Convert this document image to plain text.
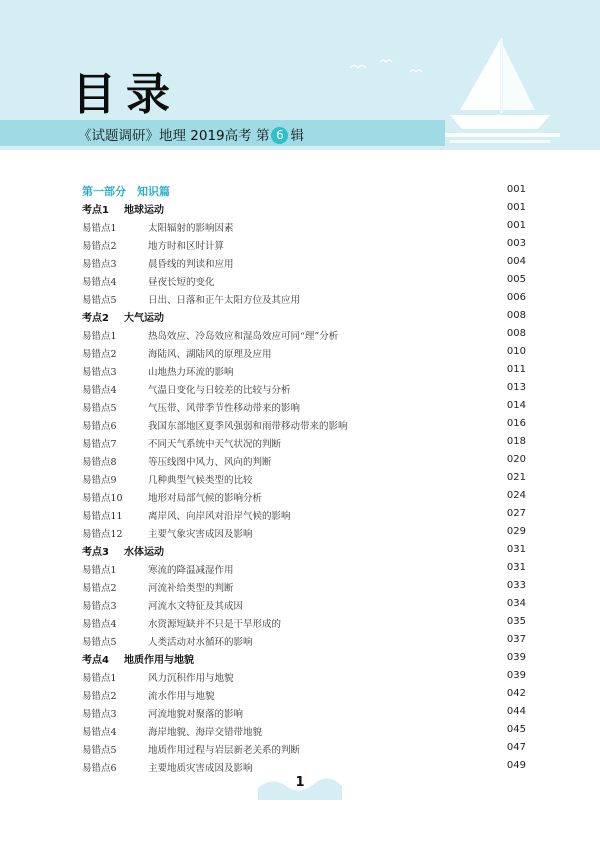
目录
《试题调研》地理 2019高考 第 6 辑
第一部分　知识篇	001
考点1 地球运动	001
易错点1	太阳辐射的影响因素	001
易错点2	地方时和区时计算	003
易错点3	晨昏线的判读和应用	004
易错点4	昼夜长短的变化	005
易错点5	日出、日落和正午太阳方位及其应用	006
考点2 大气运动	008
易错点1	热岛效应、冷岛效应和湿岛效应可同“理”分析	008
易错点2	海陆风、湖陆风的原理及应用	010
易错点3	山地热力环流的影响	011
易错点4	气温日变化与日较差的比较与分析	013
易错点5	气压带、风带季节性移动带来的影响	014
易错点6	我国东部地区夏季风强弱和雨带移动带来的影响	016
易错点7	不同天气系统中天气状况的判断	018
易错点8	等压线图中风力、风向的判断	020
易错点9	几种典型气候类型的比较	021
易错点10	地形对局部气候的影响分析	024
易错点11	离岸风、向岸风对沿岸气候的影响	027
易错点12	主要气象灾害成因及影响	029
考点3 水体运动	031
易错点1	寒流的降温减湿作用	031
易错点2	河流补给类型的判断	033
易错点3	河流水文特征及其成因	034
易错点4	水资源短缺并不只是干旱形成的	035
易错点5	人类活动对水循环的影响	037
考点4 地质作用与地貌	039
易错点1	风力沉积作用与地貌	039
易错点2	流水作用与地貌	042
易错点3	河流地貌对聚落的影响	044
易错点4	海岸地貌、海岸交错带地貌	045
易错点5	地质作用过程与岩层新老关系的判断	047
易错点6	主要地质灾害成因及影响	049
1
